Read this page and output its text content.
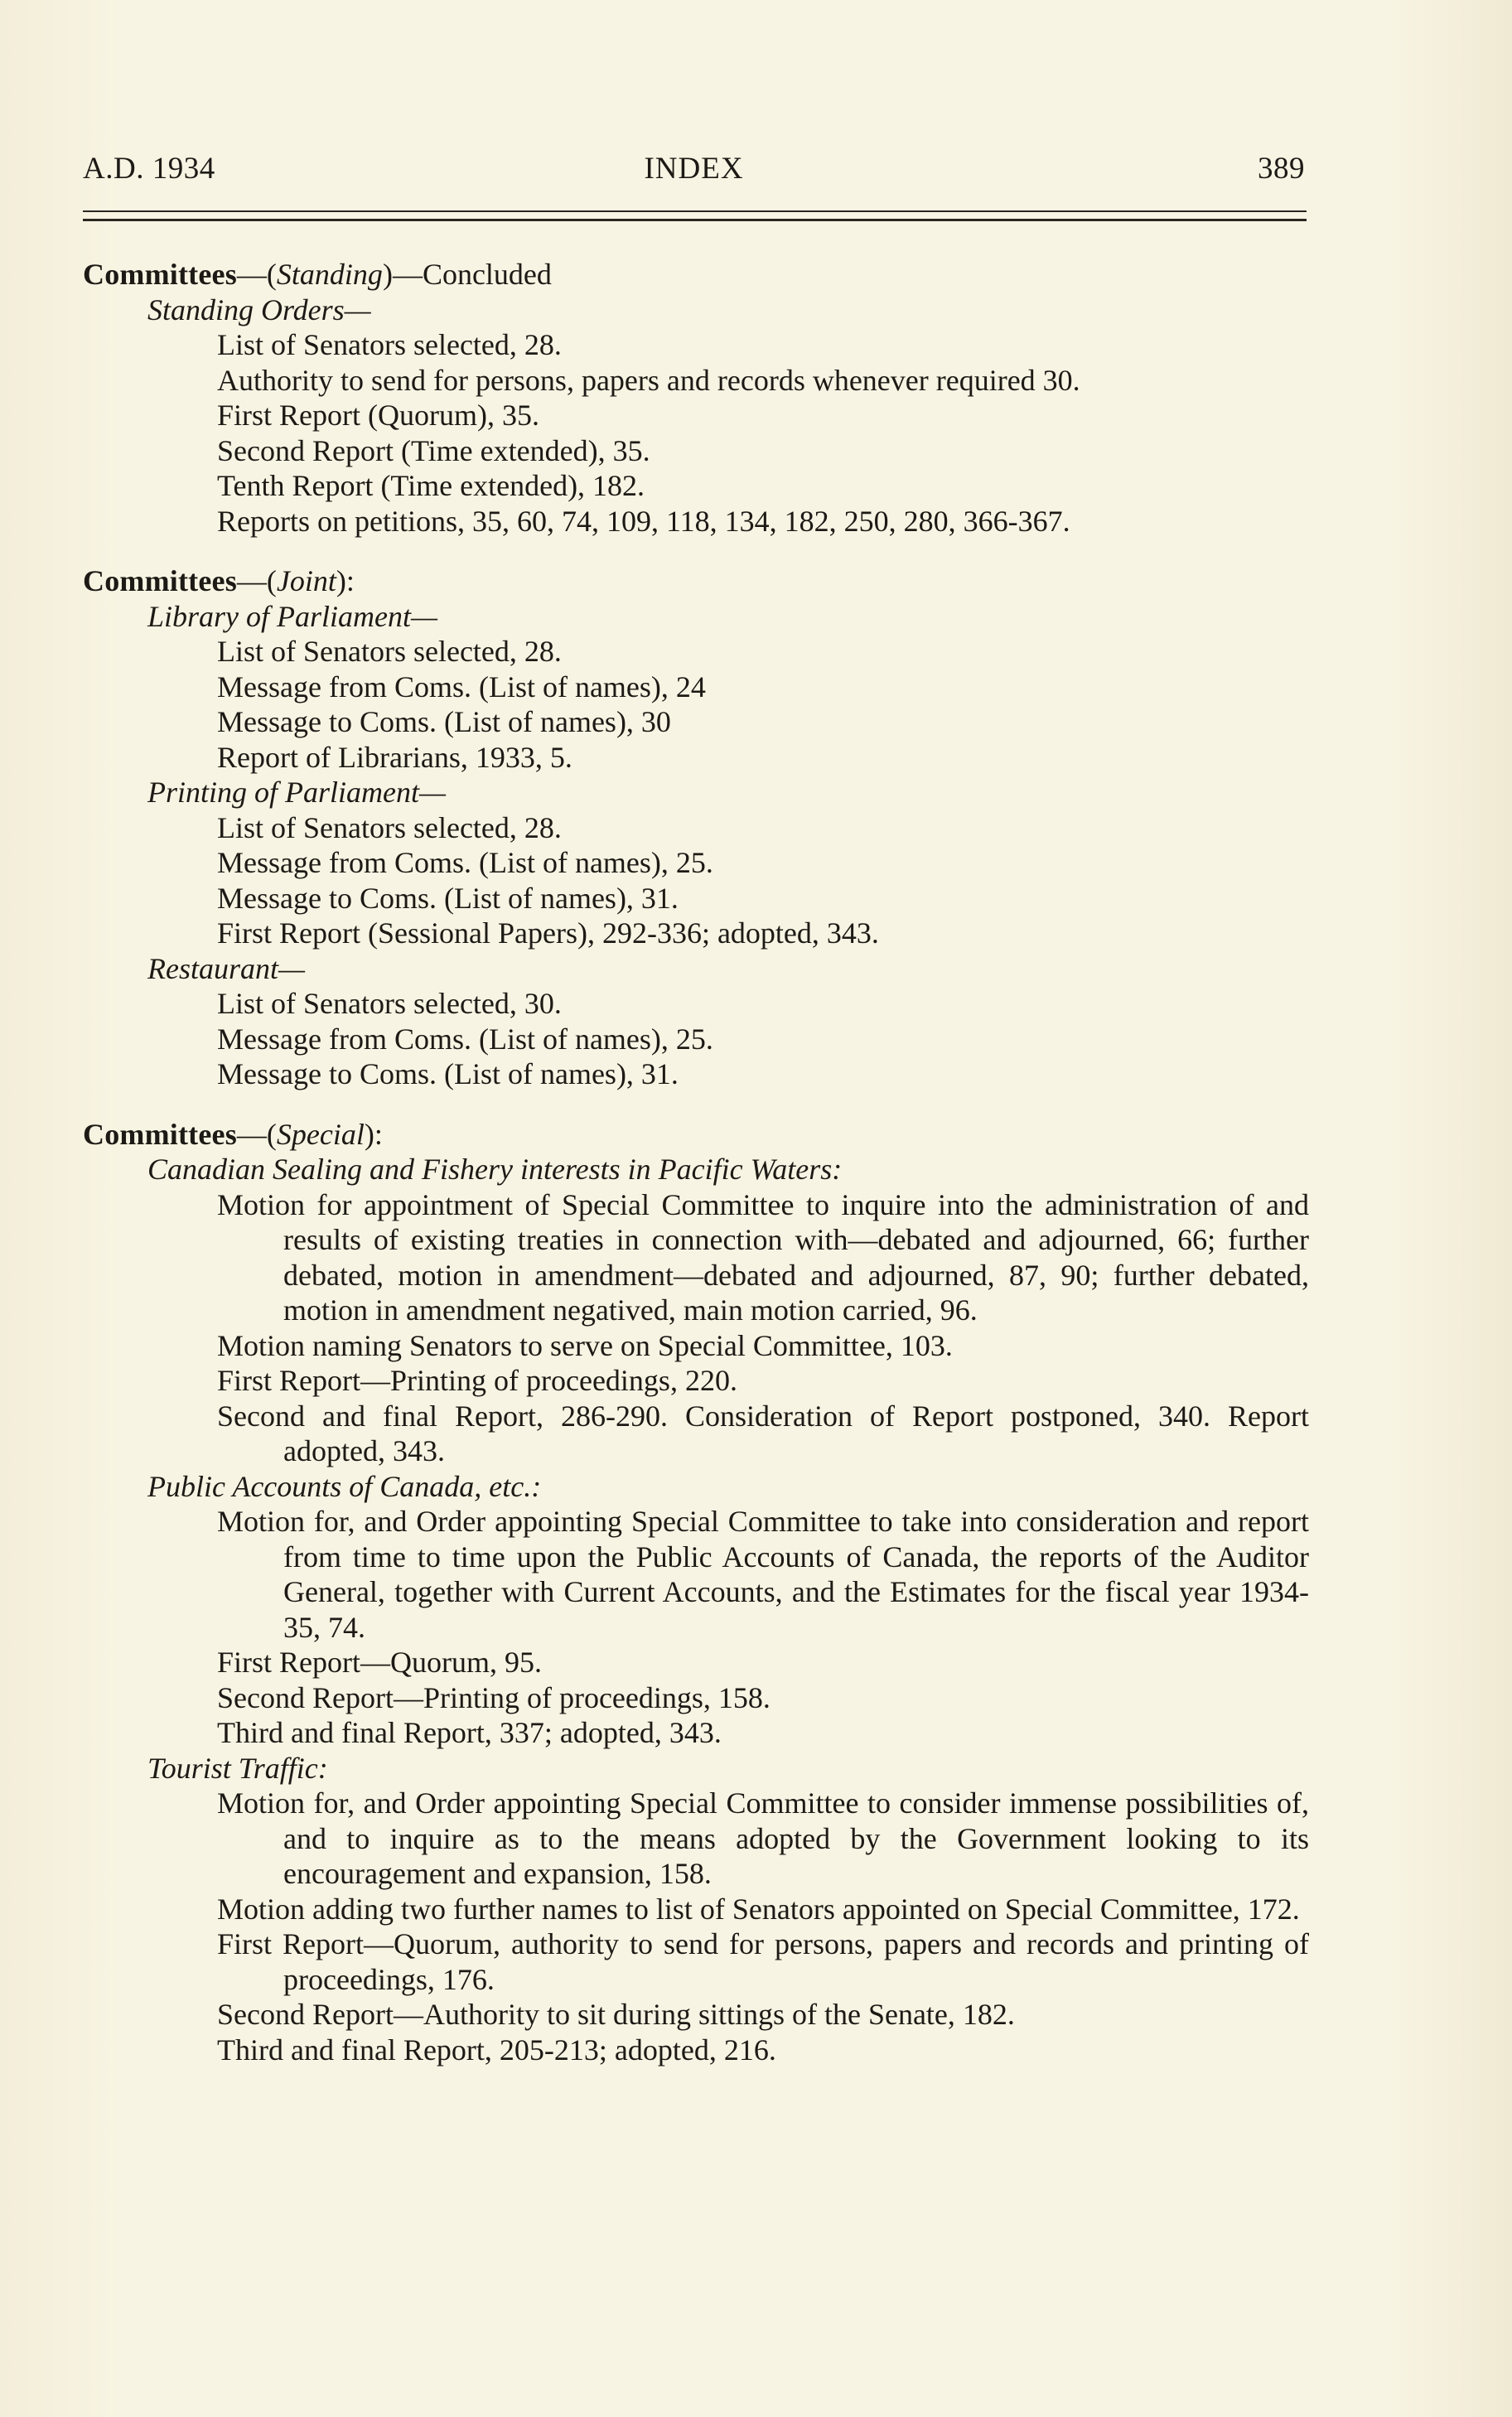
A.D. 1934	INDEX	389
Committees—(Standing)—Concluded
Standing Orders—
List of Senators selected, 28.
Authority to send for persons, papers and records whenever required 30.
First Report (Quorum), 35.
Second Report (Time extended), 35.
Tenth Report (Time extended), 182.
Reports on petitions, 35, 60, 74, 109, 118, 134, 182, 250, 280, 366-367.
Committees—(Joint):
Library of Parliament—
List of Senators selected, 28.
Message from Coms. (List of names), 24
Message to Coms. (List of names), 30
Report of Librarians, 1933, 5.
Printing of Parliament—
List of Senators selected, 28.
Message from Coms. (List of names), 25.
Message to Coms. (List of names), 31.
First Report (Sessional Papers), 292-336; adopted, 343.
Restaurant—
List of Senators selected, 30.
Message from Coms. (List of names), 25.
Message to Coms. (List of names), 31.
Committees—(Special):
Canadian Sealing and Fishery interests in Pacific Waters:
Motion for appointment of Special Committee to inquire into the administration of and results of existing treaties in connection with—debated and adjourned, 66; further debated, motion in amendment—debated and adjourned, 87, 90; further debated, motion in amendment negatived, main motion carried, 96.
Motion naming Senators to serve on Special Committee, 103.
First Report—Printing of proceedings, 220.
Second and final Report, 286-290. Consideration of Report postponed, 340. Report adopted, 343.
Public Accounts of Canada, etc.:
Motion for, and Order appointing Special Committee to take into consideration and report from time to time upon the Public Accounts of Canada, the reports of the Auditor General, together with Current Accounts, and the Estimates for the fiscal year 1934-35, 74.
First Report—Quorum, 95.
Second Report—Printing of proceedings, 158.
Third and final Report, 337; adopted, 343.
Tourist Traffic:
Motion for, and Order appointing Special Committee to consider immense possibilities of, and to inquire as to the means adopted by the Government looking to its encouragement and expansion, 158.
Motion adding two further names to list of Senators appointed on Special Committee, 172.
First Report—Quorum, authority to send for persons, papers and records and printing of proceedings, 176.
Second Report—Authority to sit during sittings of the Senate, 182.
Third and final Report, 205-213; adopted, 216.
